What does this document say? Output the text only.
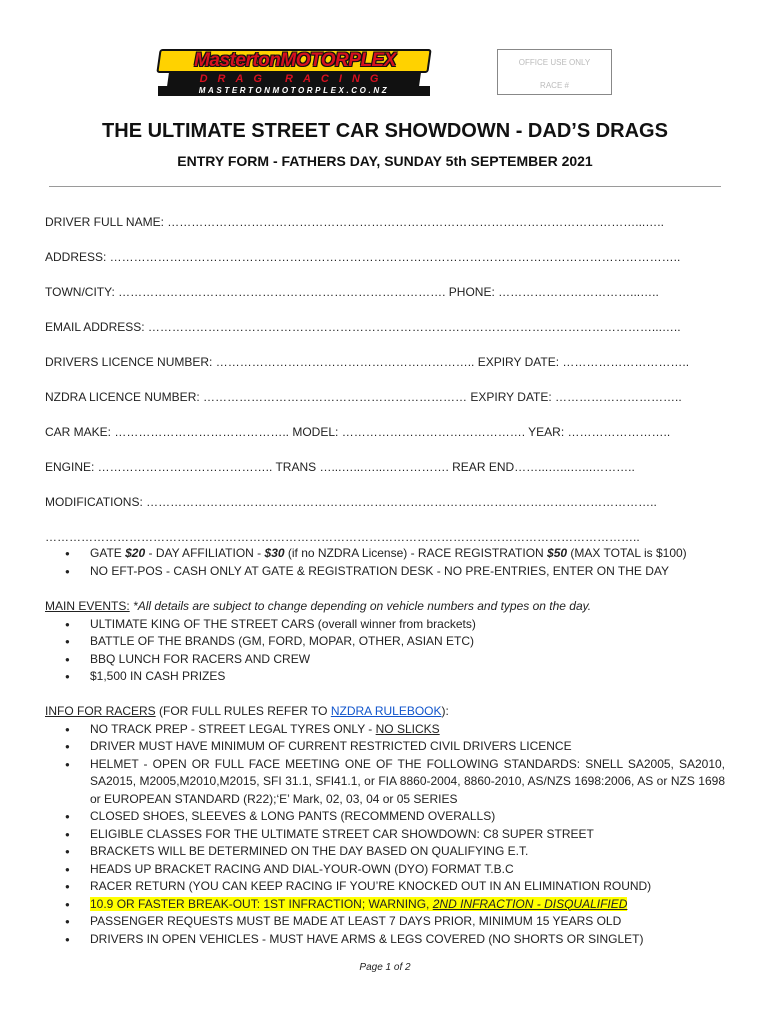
MastertonMOTORPLEX
DRAG RACING
MASTERTONMOTORPLEX.CO.NZ
OFFICE USE ONLY
RACE #
THE ULTIMATE STREET CAR SHOWDOWN - DAD’S DRAGS
ENTRY FORM - FATHERS DAY, SUNDAY 5th SEPTEMBER 2021
DRIVER FULL NAME: ………………………………………………………………………………………………………...…..
ADDRESS: ……………………………………………………………………………………………………………………………..
TOWN/CITY: ………………………………………………………………………. PHONE: ……………………………...…..
EMAIL ADDRESS: ………………………………………………………………………………………………………………...…..
DRIVERS LICENCE NUMBER: ……………………………………………………….. EXPIRY DATE: …………………………..
NZDRA LICENCE NUMBER: ………………………………………………………… EXPIRY DATE: …………………………..
CAR MAKE: …………………………………….. MODEL: ………………………………………. YEAR: ……………………..
ENGINE: …………………………………….. TRANS …...…...…...……………. REAR END……...…...…...………..
MODIFICATIONS: ………………………………………………………………………………………………………………..
…………………………………………………………………………………………………………………………………..
● GATE $20 - DAY AFFILIATION - $30 (if no NZDRA License) - RACE REGISTRATION $50 (MAX TOTAL is $100)
● NO EFT-POS - CASH ONLY AT GATE & REGISTRATION DESK - NO PRE-ENTRIES, ENTER ON THE DAY
MAIN EVENTS: *All details are subject to change depending on vehicle numbers and types on the day.
● ULTIMATE KING OF THE STREET CARS (overall winner from brackets)
● BATTLE OF THE BRANDS (GM, FORD, MOPAR, OTHER, ASIAN ETC)
● BBQ LUNCH FOR RACERS AND CREW
● $1,500 IN CASH PRIZES
INFO FOR RACERS (FOR FULL RULES REFER TO NZDRA RULEBOOK):
● NO TRACK PREP - STREET LEGAL TYRES ONLY - NO SLICKS
● DRIVER MUST HAVE MINIMUM OF CURRENT RESTRICTED CIVIL DRIVERS LICENCE
● HELMET - OPEN OR FULL FACE MEETING ONE OF THE FOLLOWING STANDARDS: SNELL SA2005, SA2010, SA2015, M2005,M2010,M2015, SFI 31.1, SFI41.1, or FIA 8860-2004, 8860-2010, AS/NZS 1698:2006, AS or NZS 1698 or EUROPEAN STANDARD (R22);‘E’ Mark, 02, 03, 04 or 05 SERIES
● CLOSED SHOES, SLEEVES & LONG PANTS (RECOMMEND OVERALLS)
● ELIGIBLE CLASSES FOR THE ULTIMATE STREET CAR SHOWDOWN: C8 SUPER STREET
● BRACKETS WILL BE DETERMINED ON THE DAY BASED ON QUALIFYING E.T.
● HEADS UP BRACKET RACING AND DIAL-YOUR-OWN (DYO) FORMAT T.B.C
● RACER RETURN (YOU CAN KEEP RACING IF YOU’RE KNOCKED OUT IN AN ELIMINATION ROUND)
● 10.9 OR FASTER BREAK-OUT: 1ST INFRACTION; WARNING, 2ND INFRACTION - DISQUALIFIED
● PASSENGER REQUESTS MUST BE MADE AT LEAST 7 DAYS PRIOR, MINIMUM 15 YEARS OLD
● DRIVERS IN OPEN VEHICLES - MUST HAVE ARMS & LEGS COVERED (NO SHORTS OR SINGLET)
Page 1 of 2
